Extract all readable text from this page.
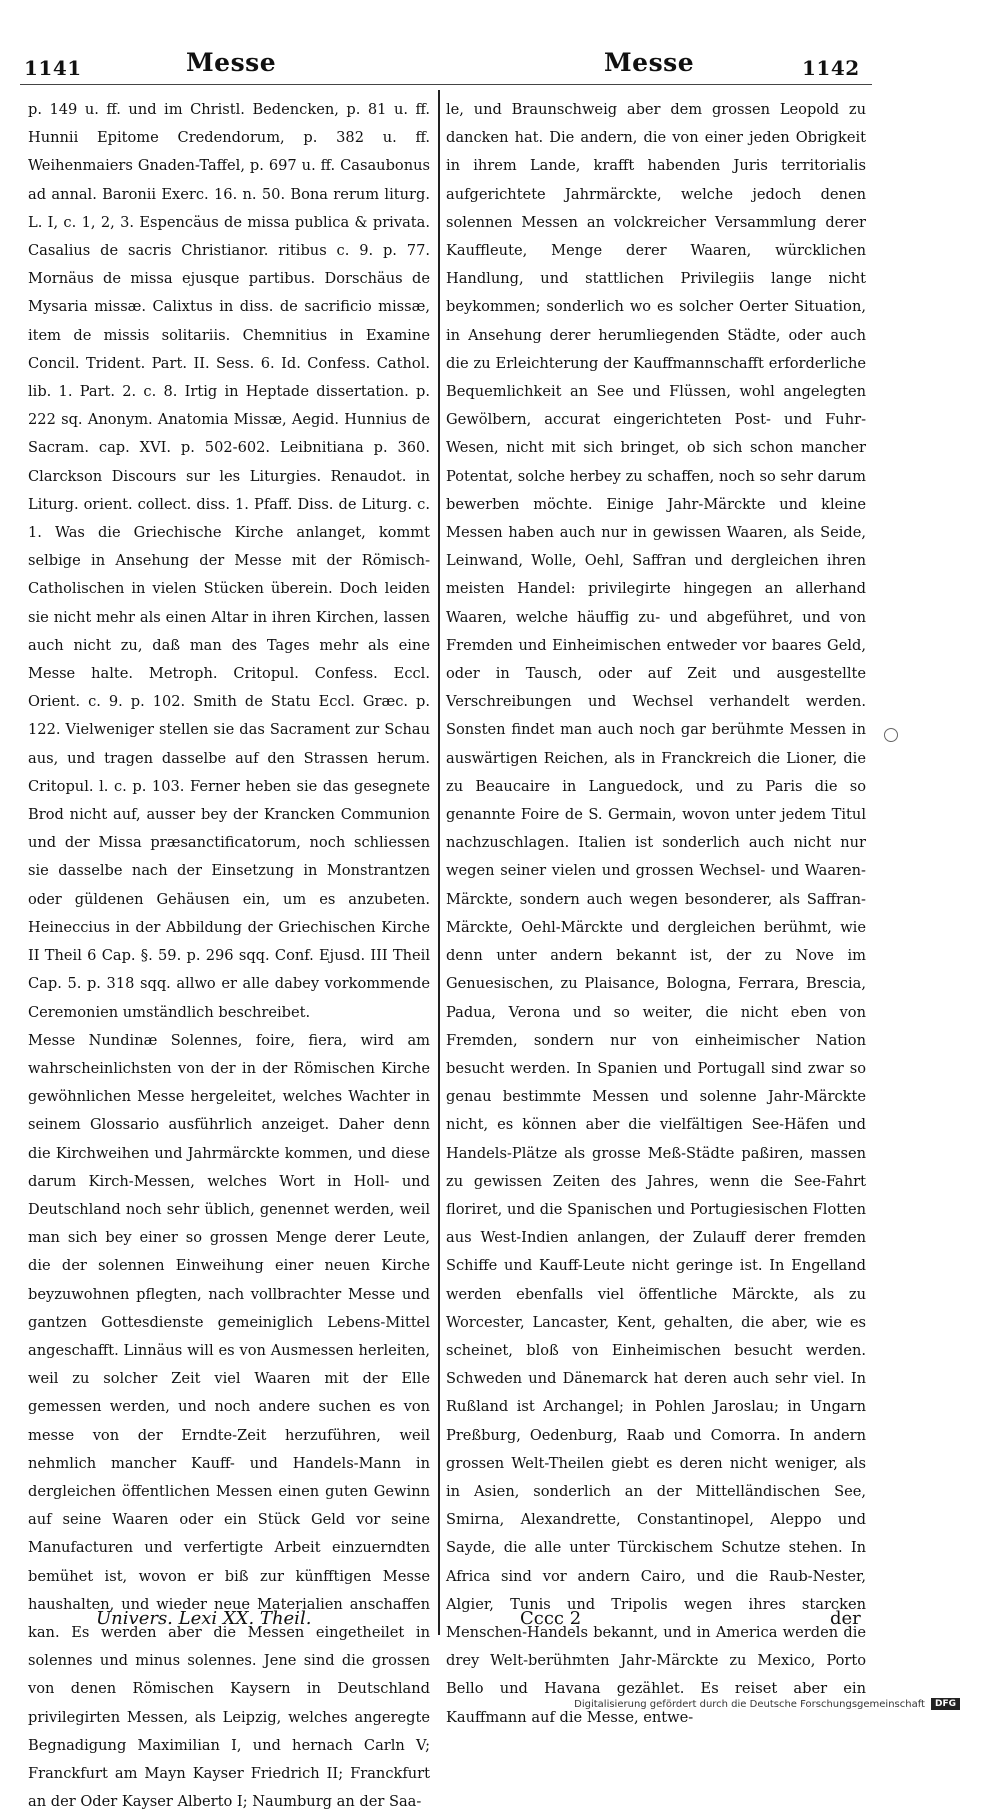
1141	Messe	Messe	1142

p. 149 u. ff. und im Christl. Bedencken, p. 81 u. ff. Hunnii Epitome Credendorum, p. 382 u. ff. Weihenmaiers Gnaden-Taffel, p. 697 u. ff. Casaubonus ad annal. Baronii Exerc. 16. n. 50. Bona rerum liturg. L. I, c. 1, 2, 3. Espencäus de missa publica & privata. Casalius de sacris Christianor. ritibus c. 9. p. 77. Mornäus de missa ejusque partibus. Dorschäus de Mysaria missæ. Calixtus in diss. de sacrificio missæ, item de missis solitariis. Chemnitius in Examine Concil. Trident. Part. II. Sess. 6. Id. Confess. Cathol. lib. 1. Part. 2. c. 8. Irtig in Heptade dissertation. p. 222 sq. Anonym. Anatomia Missæ, Aegid. Hunnius de Sacram. cap. XVI. p. 502-602. Leibnitiana p. 360. Clarckson Discours sur les Liturgies. Renaudot. in Liturg. orient. collect. diss. 1. Pfaff. Diss. de Liturg. c. 1. Was die Griechische Kirche anlanget, kommt selbige in Ansehung der Messe mit der Römisch-Catholischen in vielen Stücken überein. Doch leiden sie nicht mehr als einen Altar in ihren Kirchen, lassen auch nicht zu, daß man des Tages mehr als eine Messe halte. Metroph. Critopul. Confess. Eccl. Orient. c. 9. p. 102. Smith de Statu Eccl. Græc. p. 122. Vielweniger stellen sie das Sacrament zur Schau aus, und tragen dasselbe auf den Strassen herum. Critopul. l. c. p. 103. Ferner heben sie das gesegnete Brod nicht auf, ausser bey der Krancken Communion und der Missa præsanctificatorum, noch schliessen sie dasselbe nach der Einsetzung in Monstrantzen oder güldenen Gehäusen ein, um es anzubeten. Heineccius in der Abbildung der Griechischen Kirche II Theil 6 Cap. §. 59. p. 296 sqq. Conf. Ejusd. III Theil Cap. 5. p. 318 sqq. allwo er alle dabey vorkommende Ceremonien umständlich beschreibet.

Messe Nundinæ Solennes, foire, fiera, wird am wahrscheinlichsten von der in der Römischen Kirche gewöhnlichen Messe hergeleitet, welches Wachter in seinem Glossario ausführlich anzeiget. Daher denn die Kirchweihen und Jahrmärckte kommen, und diese darum Kirch-Messen, welches Wort in Holl- und Deutschland noch sehr üblich, genennet werden, weil man sich bey einer so grossen Menge derer Leute, die der solennen Einweihung einer neuen Kirche beyzuwohnen pflegten, nach vollbrachter Messe und gantzen Gottesdienste gemeiniglich Lebens-Mittel angeschafft. Linnäus will es von Ausmessen herleiten, weil zu solcher Zeit viel Waaren mit der Elle gemessen werden, und noch andere suchen es von messe von der Erndte-Zeit herzuführen, weil nehmlich mancher Kauff- und Handels-Mann in dergleichen öffentlichen Messen einen guten Gewinn auf seine Waaren oder ein Stück Geld vor seine Manufacturen und verfertigte Arbeit einzuerndten bemühet ist, wovon er biß zur künfftigen Messe haushalten, und wieder neue Materialien anschaffen kan. Es werden aber die Messen eingetheilet in solennes und minus solennes. Jene sind die grossen von denen Römischen Kaysern in Deutschland privilegirten Messen, als Leipzig, welches angeregte Begnadigung Maximilian I, und hernach Carln V; Franckfurt am Mayn Kayser Friedrich II; Franckfurt an der Oder Kayser Alberto I; Naumburg an der Saa-

le, und Braunschweig aber dem grossen Leopold zu dancken hat. Die andern, die von einer jeden Obrigkeit in ihrem Lande, krafft habenden Juris territorialis aufgerichtete Jahrmärckte, welche jedoch denen solennen Messen an volckreicher Versammlung derer Kauffleute, Menge derer Waaren, würcklichen Handlung, und stattlichen Privilegiis lange nicht beykommen; sonderlich wo es solcher Oerter Situation, in Ansehung derer herumliegenden Städte, oder auch die zu Erleichterung der Kauffmannschafft erforderliche Bequemlichkeit an See und Flüssen, wohl angelegten Gewölbern, accurat eingerichteten Post- und Fuhr-Wesen, nicht mit sich bringet, ob sich schon mancher Potentat, solche herbey zu schaffen, noch so sehr darum bewerben möchte. Einige Jahr-Märckte und kleine Messen haben auch nur in gewissen Waaren, als Seide, Leinwand, Wolle, Oehl, Saffran und dergleichen ihren meisten Handel: privilegirte hingegen an allerhand Waaren, welche häuffig zu- und abgeführet, und von Fremden und Einheimischen entweder vor baares Geld, oder in Tausch, oder auf Zeit und ausgestellte Verschreibungen und Wechsel verhandelt werden. Sonsten findet man auch noch gar berühmte Messen in auswärtigen Reichen, als in Franckreich die Lioner, die zu Beaucaire in Languedock, und zu Paris die so genannte Foire de S. Germain, wovon unter jedem Titul nachzuschlagen. Italien ist sonderlich auch nicht nur wegen seiner vielen und grossen Wechsel- und Waaren-Märckte, sondern auch wegen besonderer, als Saffran-Märckte, Oehl-Märckte und dergleichen berühmt, wie denn unter andern bekannt ist, der zu Nove im Genuesischen, zu Plaisance, Bologna, Ferrara, Brescia, Padua, Verona und so weiter, die nicht eben von Fremden, sondern nur von einheimischer Nation besucht werden. In Spanien und Portugall sind zwar so genau bestimmte Messen und solenne Jahr-Märckte nicht, es können aber die vielfältigen See-Häfen und Handels-Plätze als grosse Meß-Städte paßiren, massen zu gewissen Zeiten des Jahres, wenn die See-Fahrt floriret, und die Spanischen und Portugiesischen Flotten aus West-Indien anlangen, der Zulauff derer fremden Schiffe und Kauff-Leute nicht geringe ist. In Engelland werden ebenfalls viel öffentliche Märckte, als zu Worcester, Lancaster, Kent, gehalten, die aber, wie es scheinet, bloß von Einheimischen besucht werden. Schweden und Dänemarck hat deren auch sehr viel. In Rußland ist Archangel; in Pohlen Jaroslau; in Ungarn Preßburg, Oedenburg, Raab und Comorra. In andern grossen Welt-Theilen giebt es deren nicht weniger, als in Asien, sonderlich an der Mittelländischen See, Smirna, Alexandrette, Constantinopel, Aleppo und Sayde, die alle unter Türckischem Schutze stehen. In Africa sind vor andern Cairo, und die Raub-Nester, Algier, Tunis und Tripolis wegen ihres starcken Menschen-Handels bekannt, und in America werden die drey Welt-berühmten Jahr-Märckte zu Mexico, Porto Bello und Havana gezählet. Es reiset aber ein Kauffmann auf die Messe, entwe-

Univers. Lexi XX. Theil.	Cccc 2	der
Digitalisierung gefördert durch die Deutsche Forschungsgemeinschaft	DFG
